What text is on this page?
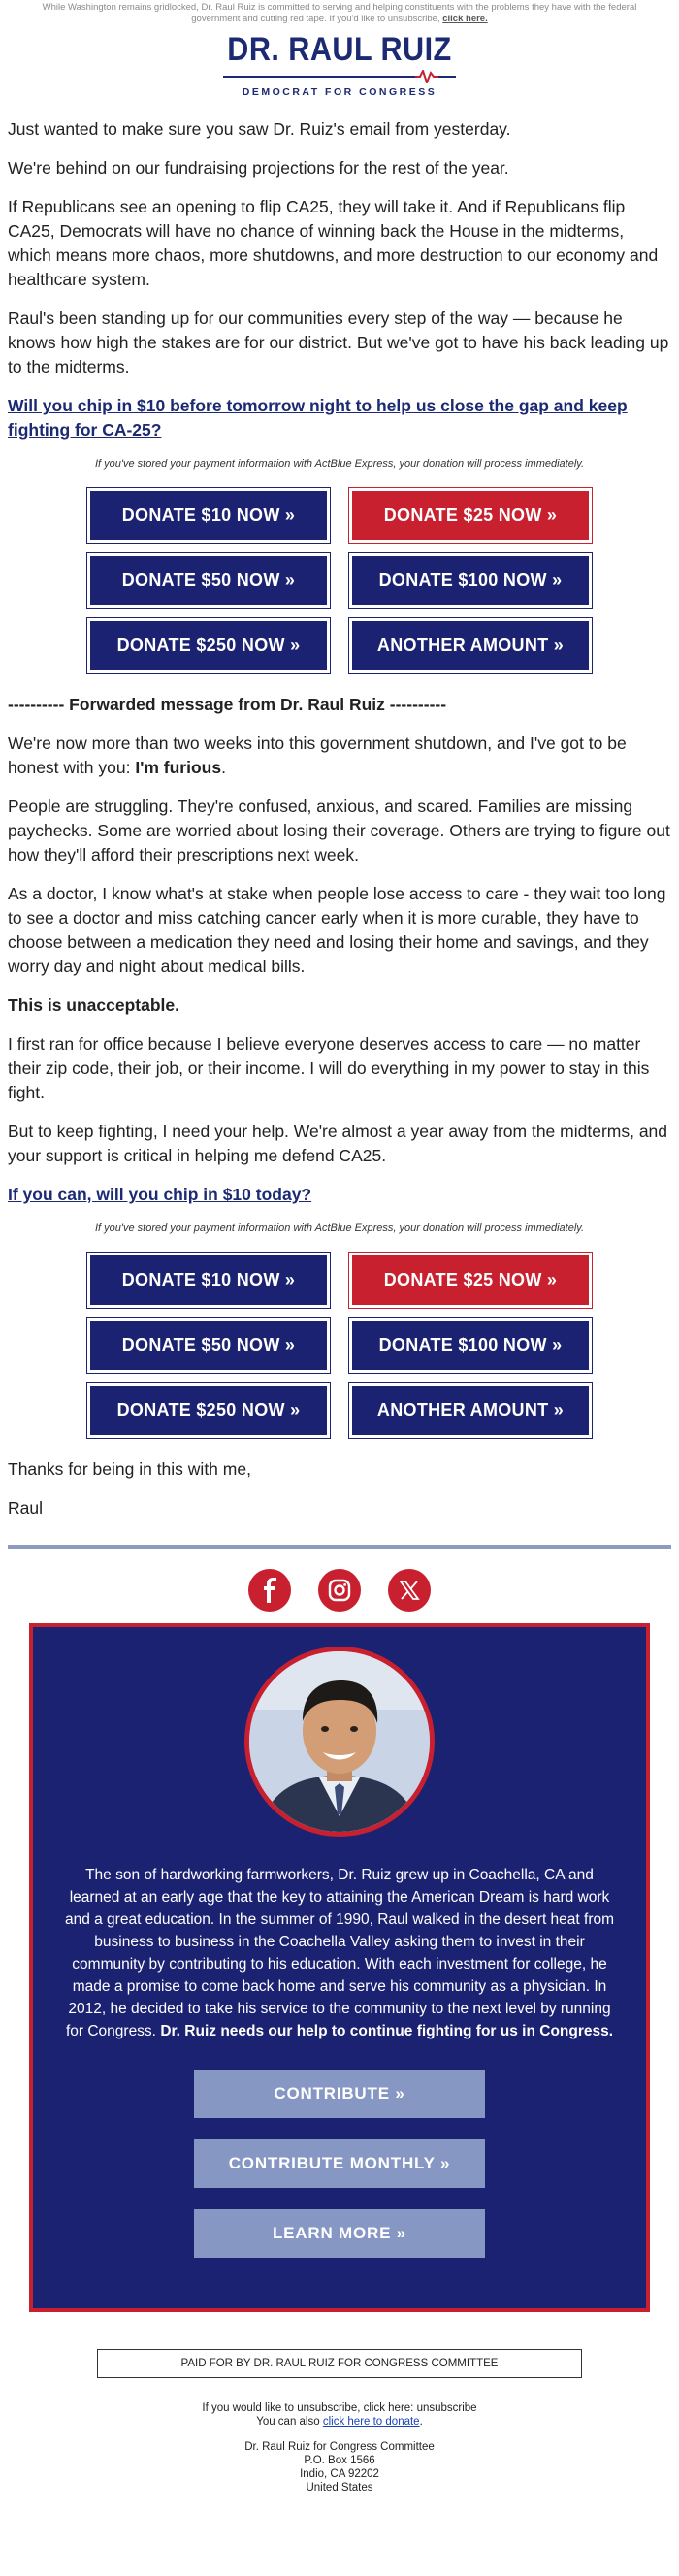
While Washington remains gridlocked, Dr. Raul Ruiz is committed to serving and helping constituents with the problems they have with the federal government and cutting red tape. If you'd like to unsubscribe, click here.
DR. RAUL RUIZ
DEMOCRAT FOR CONGRESS

Just wanted to make sure you saw Dr. Ruiz's email from yesterday.

We're behind on our fundraising projections for the rest of the year.

If Republicans see an opening to flip CA25, they will take it. And if Republicans flip CA25, Democrats will have no chance of winning back the House in the midterms, which means more chaos, more shutdowns, and more destruction to our economy and healthcare system.

Raul's been standing up for our communities every step of the way — because he knows how high the stakes are for our district. But we've got to have his back leading up to the midterms.

Will you chip in $10 before tomorrow night to help us close the gap and keep fighting for CA-25?

If you've stored your payment information with ActBlue Express, your donation will process immediately.
DONATE $10 NOW »	DONATE $25 NOW »
DONATE $50 NOW »	DONATE $100 NOW »
DONATE $250 NOW »	ANOTHER AMOUNT »

---------- Forwarded message from Dr. Raul Ruiz ----------

We're now more than two weeks into this government shutdown, and I've got to be honest with you: I'm furious.

People are struggling. They're confused, anxious, and scared. Families are missing paychecks. Some are worried about losing their coverage. Others are trying to figure out how they'll afford their prescriptions next week.

As a doctor, I know what's at stake when people lose access to care - they wait too long to see a doctor and miss catching cancer early when it is more curable, they have to choose between a medication they need and losing their home and savings, and they worry day and night about medical bills.

This is unacceptable.

I first ran for office because I believe everyone deserves access to care — no matter their zip code, their job, or their income. I will do everything in my power to stay in this fight.

But to keep fighting, I need your help. We're almost a year away from the midterms, and your support is critical in helping me defend CA25.

If you can, will you chip in $10 today?

If you've stored your payment information with ActBlue Express, your donation will process immediately.
DONATE $10 NOW »	DONATE $25 NOW »
DONATE $50 NOW »	DONATE $100 NOW »
DONATE $250 NOW »	ANOTHER AMOUNT »

Thanks for being in this with me,

Raul

The son of hardworking farmworkers, Dr. Ruiz grew up in Coachella, CA and learned at an early age that the key to attaining the American Dream is hard work and a great education. In the summer of 1990, Raul walked in the desert heat from business to business in the Coachella Valley asking them to invest in their community by contributing to his education. With each investment for college, he made a promise to come back home and serve his community as a physician. In 2012, he decided to take his service to the community to the next level by running for Congress. Dr. Ruiz needs our help to continue fighting for us in Congress.

CONTRIBUTE »
CONTRIBUTE MONTHLY »
LEARN MORE »
PAID FOR BY DR. RAUL RUIZ FOR CONGRESS COMMITTEE
If you would like to unsubscribe, click here: unsubscribe
You can also click here to donate.
Dr. Raul Ruiz for Congress Committee
P.O. Box 1566
Indio, CA 92202
United States
